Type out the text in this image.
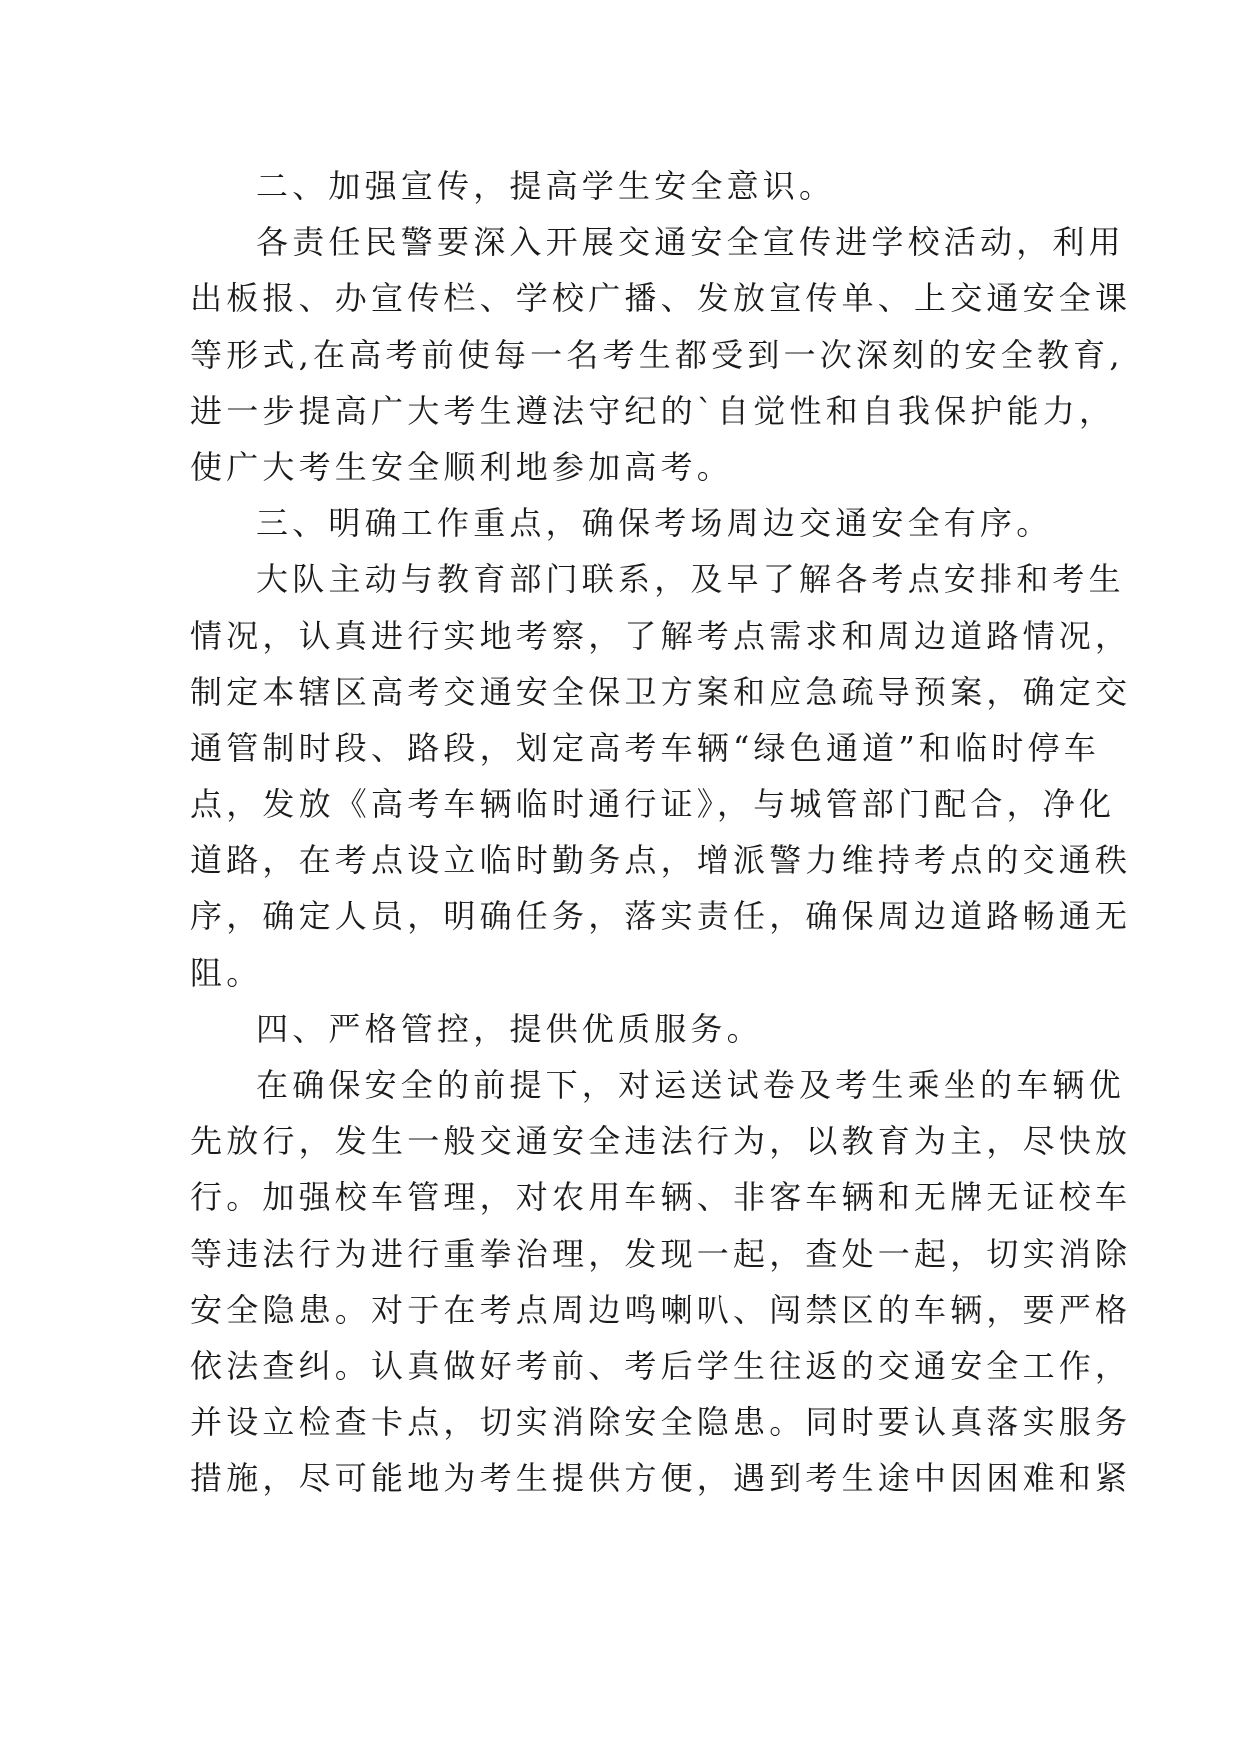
二、加强宣传，提高学生安全意识。
各责任民警要深入开展交通安全宣传进学校活动，利用
出板报、办宣传栏、学校广播、发放宣传单、上交通安全课
等形式,在高考前使每一名考生都受到一次深刻的安全教育,
进一步提高广大考生遵法守纪的`自觉性和自我保护能力，
使广大考生安全顺利地参加高考。
三、明确工作重点，确保考场周边交通安全有序。
大队主动与教育部门联系，及早了解各考点安排和考生
情况，认真进行实地考察，了解考点需求和周边道路情况，
制定本辖区高考交通安全保卫方案和应急疏导预案，确定交
通管制时段、路段，划定高考车辆“绿色通道”和临时停车
点，发放《高考车辆临时通行证》，与城管部门配合，净化
道路，在考点设立临时勤务点，增派警力维持考点的交通秩
序，确定人员，明确任务，落实责任，确保周边道路畅通无
阻。
四、严格管控，提供优质服务。
在确保安全的前提下，对运送试卷及考生乘坐的车辆优
先放行，发生一般交通安全违法行为，以教育为主，尽快放
行。加强校车管理，对农用车辆、非客车辆和无牌无证校车
等违法行为进行重拳治理，发现一起，查处一起，切实消除
安全隐患。对于在考点周边鸣喇叭、闯禁区的车辆，要严格
依法查纠。认真做好考前、考后学生往返的交通安全工作，
并设立检查卡点，切实消除安全隐患。同时要认真落实服务
措施，尽可能地为考生提供方便，遇到考生途中因困难和紧
